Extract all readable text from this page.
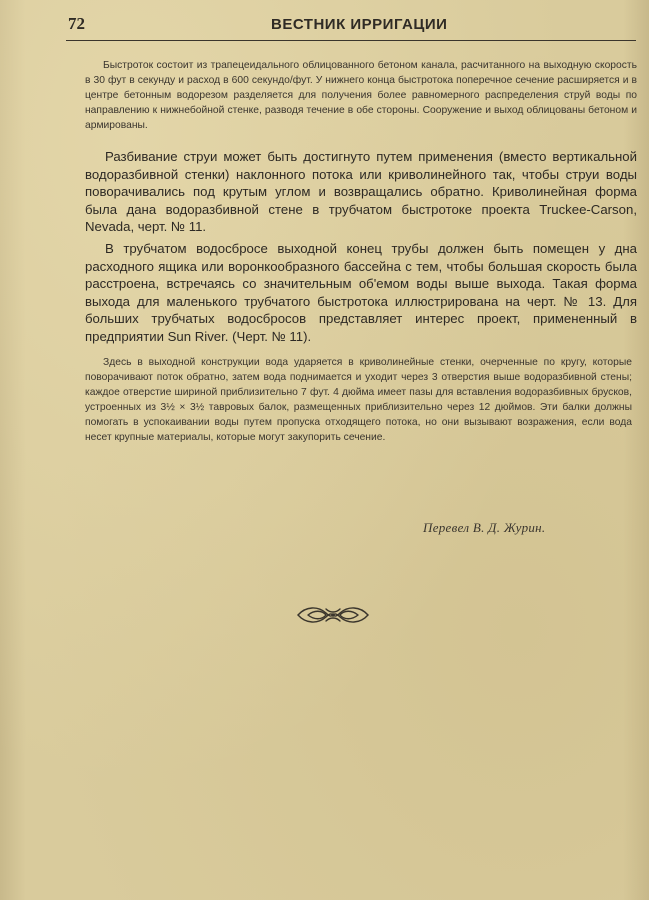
72	ВЕСТНИК ИРРИГАЦИИ

Быстроток состоит из трапецеидального облицованного бетоном канала, расчитанного на выходную скорость в 30 фут в секунду и расход в 600 секундо/фут. У нижнего конца быстротока поперечное сечение расширяется и в центре бетонным водорезом разделяется для получения более равномерного распределения струй воды по направлению к нижнебойной стенке, разводя течение в обе стороны. Сооружение и выход облицованы бетоном и армированы.

Разбивание струи может быть достигнуто путем применения (вместо вертикальной водоразбивной стенки) наклонного потока или криволинейного так, чтобы струи воды поворачивались под крутым углом и возвращались обратно. Криволинейная форма была дана водоразбивной стене в трубчатом быстротоке проекта Truckee-Carson, Nevada, черт. № 11.

В трубчатом водосбросе выходной конец трубы должен быть помещен у дна расходного ящика или воронкообразного бассейна с тем, чтобы большая скорость была расстроена, встречаясь со значительным об'емом воды выше выхода. Такая форма выхода для маленького трубчатого быстротока иллюстрирована на черт. № 13. Для больших трубчатых водосбросов представляет интерес проект, примененный в предприятии Sun River. (Черт. № 11).

Здесь в выходной конструкции вода ударяется в криволинейные стенки, очерченные по кругу, которые поворачивают поток обратно, затем вода поднимается и уходит через 3 отверстия выше водоразбивной стены; каждое отверстие шириной приблизительно 7 фут. 4 дюйма имеет пазы для вставления водоразбивных брусков, устроенных из 3½ × 3½ тавровых балок, размещенных приблизительно через 12 дюймов. Эти балки должны помогать в успокаивании воды путем пропуска отходящего потока, но они вызывают возражения, если вода несет крупные материалы, которые могут закупорить сечение.

Перевел В. Д. Журин.
